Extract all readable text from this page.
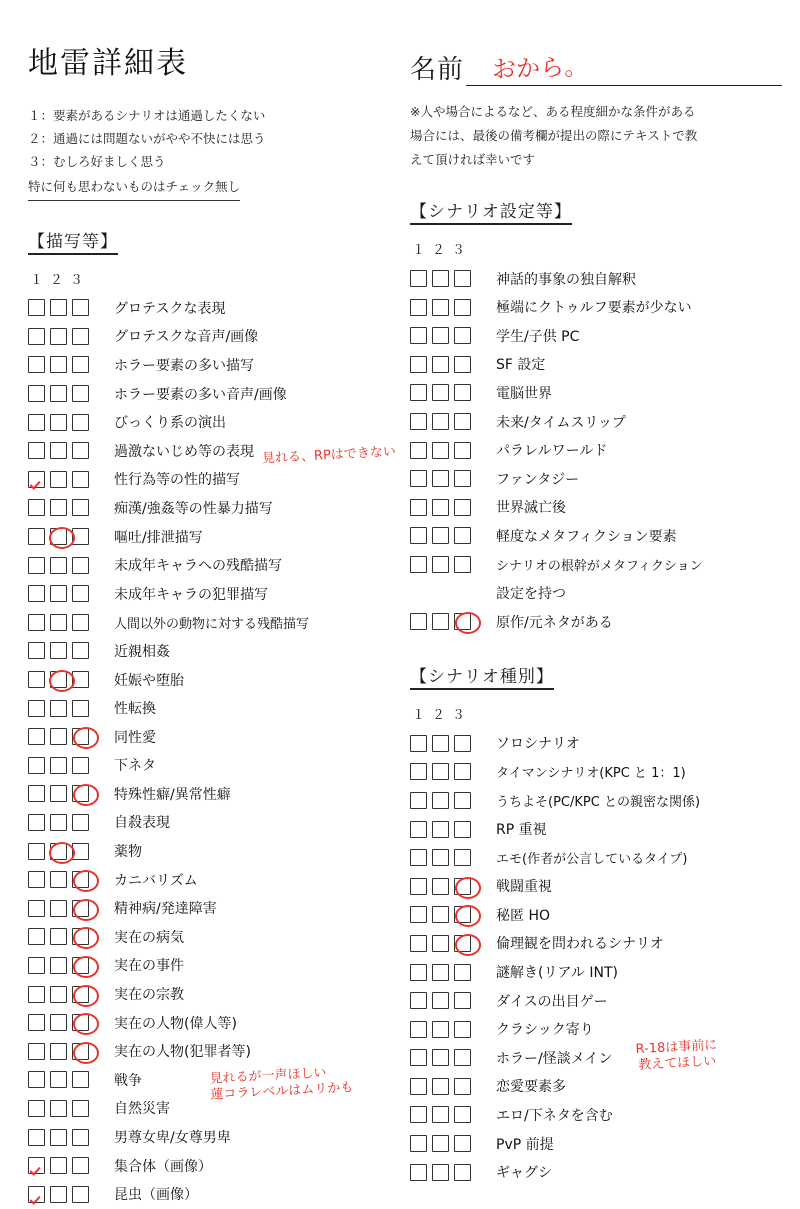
地雷詳細表
１：要素があるシナリオは通過したくない
２：通過には問題ないがやや不快には思う
３：むしろ好ましく思う
特に何も思わないものはチェック無し
【描写等】
１２３
グロテスクな表現
グロテスクな音声/画像
ホラー要素の多い描写
ホラー要素の多い音声/画像
びっくり系の演出
過激ないじめ等の表現
性行為等の性的描写
痴漢/強姦等の性暴力描写
嘔吐/排泄描写
未成年キャラへの残酷描写
未成年キャラの犯罪描写
人間以外の動物に対する残酷描写
近親相姦
妊娠や堕胎
性転換
同性愛
下ネタ
特殊性癖/異常性癖
自殺表現
薬物
カニバリズム
精神病/発達障害
実在の病気
実在の事件
実在の宗教
実在の人物(偉人等)
実在の人物(犯罪者等)
戦争
自然災害
男尊女卑/女尊男卑
集合体（画像）
昆虫（画像）
名前 おから。
※人や場合によるなど、ある程度細かな条件がある
場合には、最後の備考欄が提出の際にテキストで教
えて頂ければ幸いです
【シナリオ設定等】
１２３
神話的事象の独自解釈
極端にクトゥルフ要素が少ない
学生/子供 PC
SF 設定
電脳世界
未来/タイムスリップ
パラレルワールド
ファンタジー
世界滅亡後
軽度なメタフィクション要素
シナリオの根幹がメタフィクション
設定を持つ
原作/元ネタがある
【シナリオ種別】
１２３
ソロシナリオ
タイマンシナリオ(KPC と 1：1)
うちよそ(PC/KPC との親密な関係)
RP 重視
エモ(作者が公言しているタイプ)
戦闘重視
秘匿 HO
倫理観を問われるシナリオ
謎解き(リアル INT)
ダイスの出目ゲー
クラシック寄り
ホラー/怪談メイン
恋愛要素多
エロ/下ネタを含む
PvP 前提
ギャグシ
見れる、RPはできない
見れるが一声ほしい
蓮コラレベルはムリかも
R-18は事前に
教えてほしい
